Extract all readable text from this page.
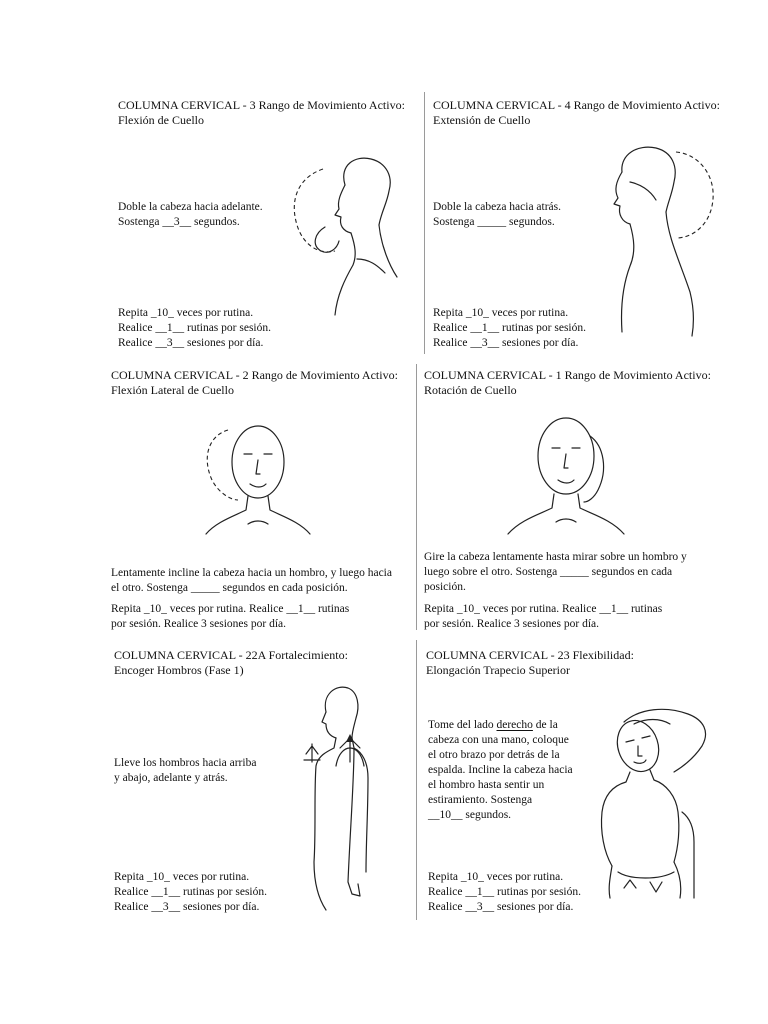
COLUMNA CERVICAL - 3 Rango de Movimiento Activo:
Flexión de Cuello
Doble la cabeza hacia adelante.
Sostenga __3__ segundos.
Repita _10_ veces por rutina.
Realice __1__ rutinas por sesión.
Realice __3__ sesiones por día.
COLUMNA CERVICAL - 4 Rango de Movimiento Activo:
Extensión de Cuello
Doble la cabeza hacia atrás.
Sostenga _____ segundos.
Repita _10_ veces por rutina.
Realice __1__ rutinas por sesión.
Realice __3__ sesiones por día.
COLUMNA CERVICAL - 2 Rango de Movimiento Activo:
Flexión Lateral de Cuello
Lentamente incline la cabeza hacia un hombro, y luego hacia
el otro. Sostenga _____ segundos en cada posición.
Repita _10_ veces por rutina. Realice __1__ rutinas
por sesión. Realice 3 sesiones por día.
COLUMNA CERVICAL - 1 Rango de Movimiento Activo:
Rotación de Cuello
Gire la cabeza lentamente hasta mirar sobre un hombro y
luego sobre el otro. Sostenga _____ segundos en cada
posición.
Repita _10_ veces por rutina. Realice __1__ rutinas
por sesión. Realice 3 sesiones por día.
COLUMNA CERVICAL - 22A Fortalecimiento:
Encoger Hombros (Fase 1)
Lleve los hombros hacia arriba
y abajo, adelante y atrás.
Repita _10_ veces por rutina.
Realice __1__ rutinas por sesión.
Realice __3__ sesiones por día.
COLUMNA CERVICAL - 23 Flexibilidad:
Elongación Trapecio Superior
Tome del lado derecho de la
cabeza con una mano, coloque
el otro brazo por detrás de la
espalda. Incline la cabeza hacia
el hombro hasta sentir un
estiramiento. Sostenga
__10__ segundos.
Repita _10_ veces por rutina.
Realice __1__ rutinas por sesión.
Realice __3__ sesiones por día.
